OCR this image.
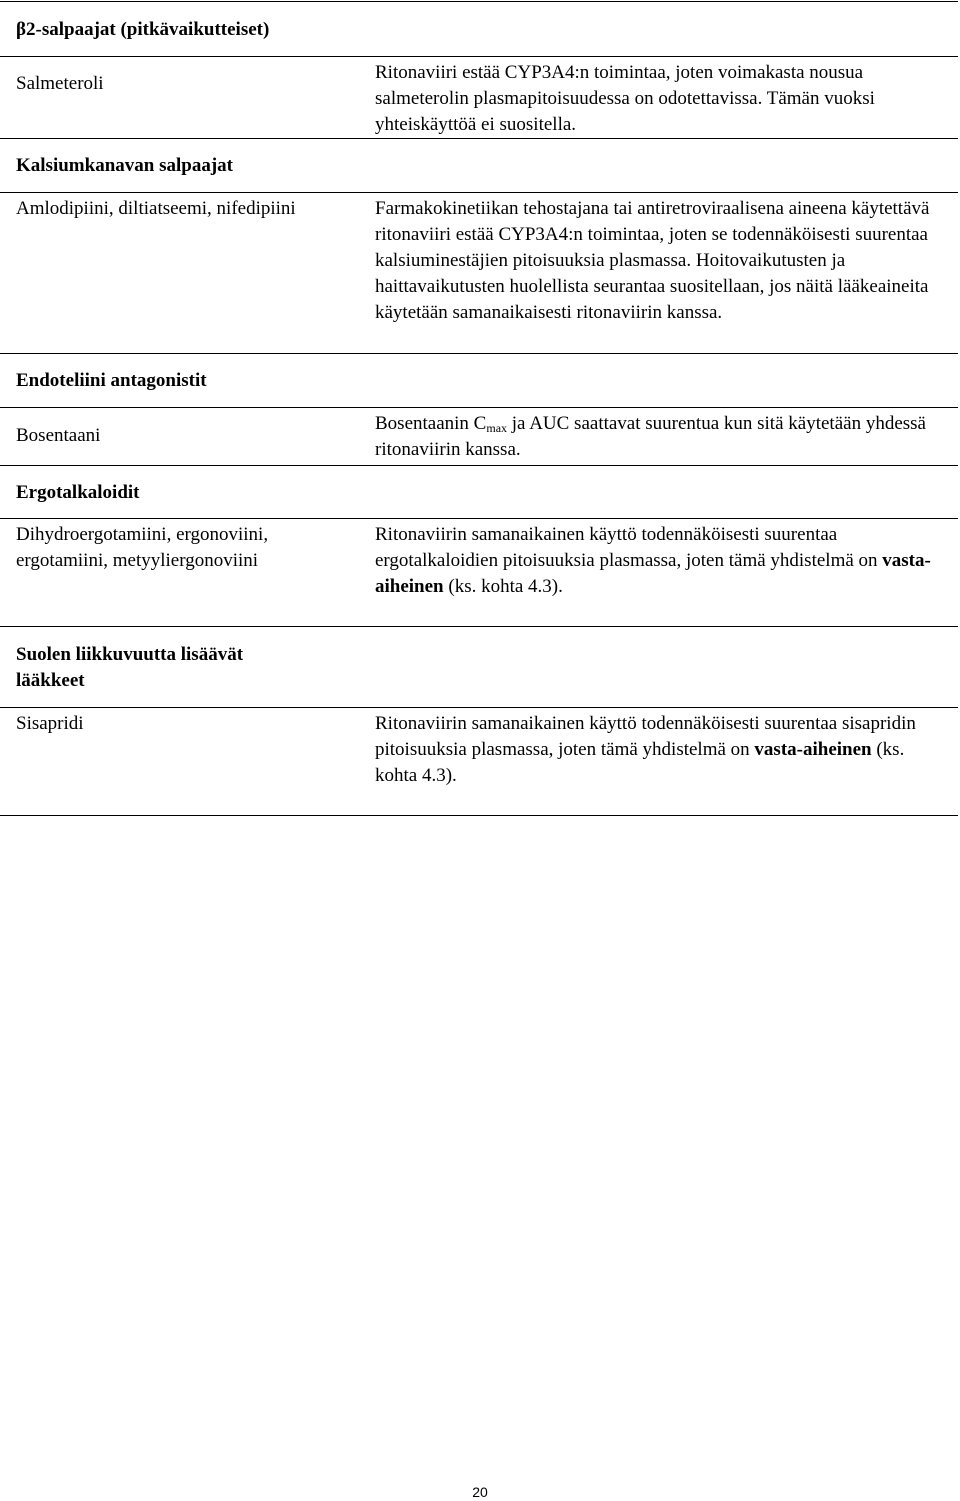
β2-salpaajat (pitkävaikutteiset)

Salmeteroli

Ritonaviiri estää CYP3A4:n toimintaa, joten voimakasta nousua salmeterolin plasmapitoisuudessa on odotettavissa. Tämän vuoksi yhteiskäyttöä ei suositella.

Kalsiumkanavan salpaajat

Amlodipiini, diltiatseemi, nifedipiini	Farmakokinetiikan tehostajana tai antiretroviraalisena aineena käytettävä ritonaviiri estää CYP3A4:n toimintaa, joten se todennäköisesti suurentaa kalsiuminestäjien pitoisuuksia plasmassa. Hoitovaikutusten ja haittavaikutusten huolellista seurantaa suositellaan, jos näitä lääkeaineita käytetään samanaikaisesti ritonaviirin kanssa.

Endoteliini antagonistit

Bosentaani

Bosentaanin $C_{max}$ ja AUC saattavat suurentua kun sitä käytetään yhdessä ritonaviirin kanssa.

Ergotalkaloidit

Dihydroergotamiini, ergonoviini, ergotamiini, metyyliergonoviini

Ritonaviirin samanaikainen käyttö todennäköisesti suurentaa ergotalkaloidien pitoisuuksia plasmassa, joten tämä yhdistelmä on vasta-aiheinen (ks. kohta 4.3).

Suolen liikkuvuutta lisäävät lääkkeet

Sisapridi	Ritonaviirin samanaikainen käyttö todennäköisesti suurentaa sisapridin pitoisuuksia plasmassa, joten tämä yhdistelmä on vasta-aiheinen (ks. kohta 4.3).

20
